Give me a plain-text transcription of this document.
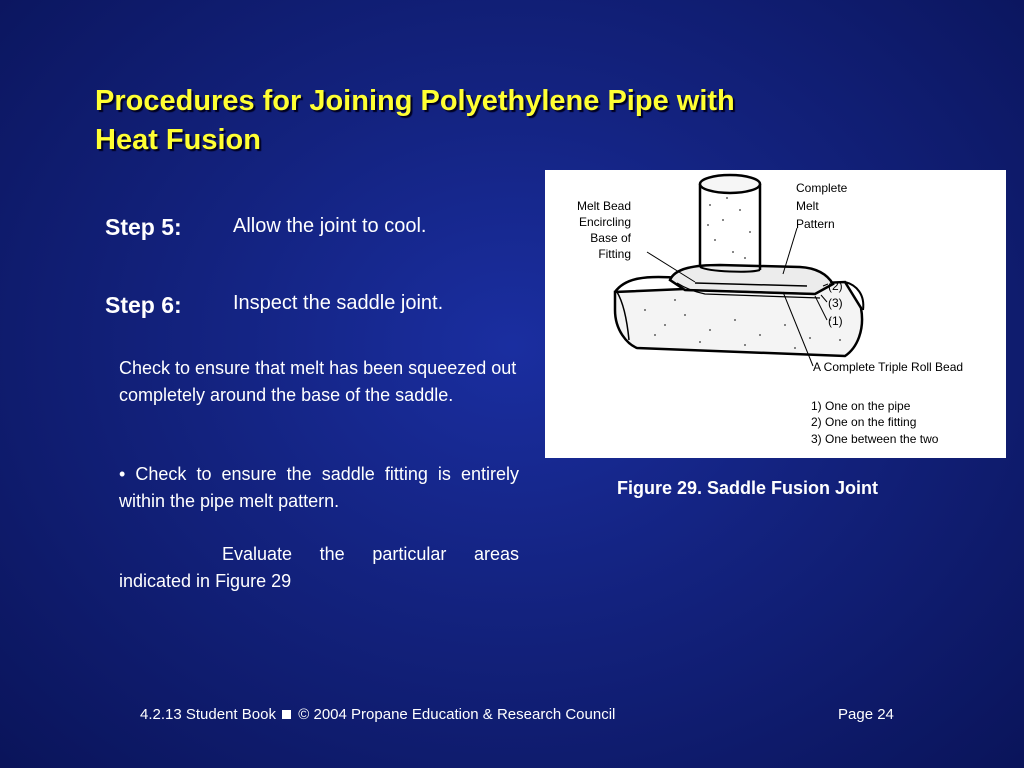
Procedures for Joining Polyethylene Pipe with
Heat Fusion
Step 5:	Allow the joint to cool.
Step 6:	Inspect the saddle joint.
Check to ensure that melt has been squeezed out completely around the base of the saddle.
• Check to ensure the saddle fitting is entirely within the pipe melt pattern.
Evaluate the particular areas indicated in Figure 29
Melt Bead
Encircling
Base of
Fitting
Complete
Melt
Pattern
(2)
(3)
(1)
A Complete Triple Roll Bead
1) One on the pipe
2) One on the fitting
3) One between the two
Figure 29. Saddle Fusion Joint
4.2.13 Student Book © 2004 Propane Education & Research Council	Page 24
